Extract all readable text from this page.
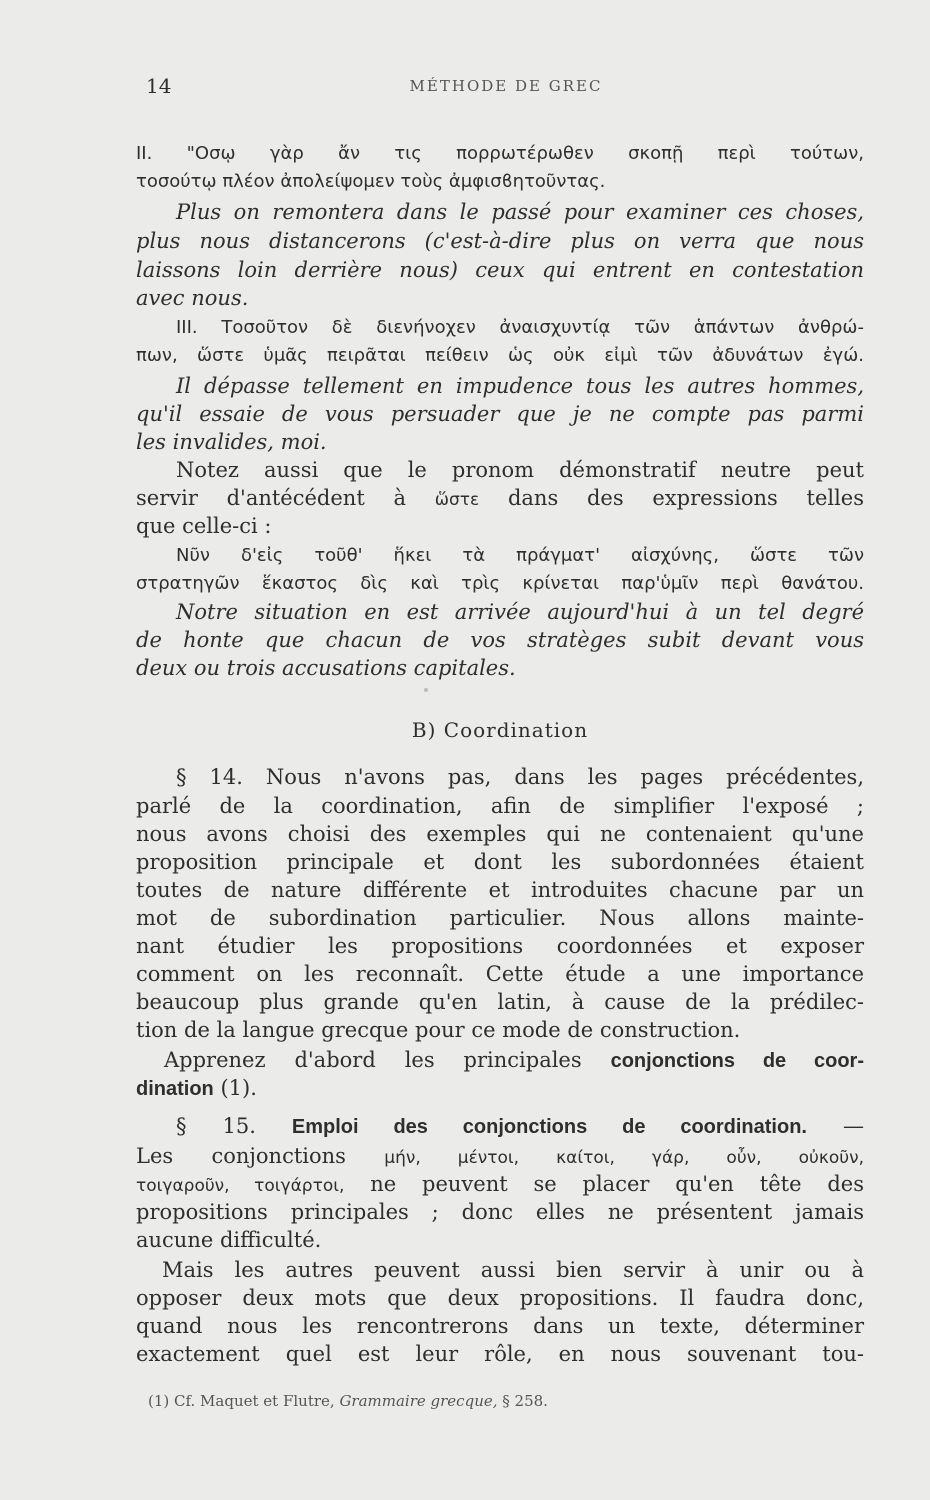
14	MÉTHODE DE GREC
II. "Οσῳ γὰρ ἄν τις πορρωτέρωθεν σκοπῇ περὶ τούτων,
τοσούτῳ πλέον ἀπολείψομεν τοὺς ἀμφισϐητοῦντας.
Plus on remontera dans le passé pour examiner ces choses,
plus nous distancerons (c'est-à-dire plus on verra que nous
laissons loin derrière nous) ceux qui entrent en contestation
avec nous.
III. Τοσοῦτον δὲ διενήνοχεν ἀναισχυντίᾳ τῶν ἁπάντων ἀνθρώ-
πων, ὥστε ὑμᾶς πειρᾶται πείθειν ὡς οὐκ εἰμὶ τῶν ἀδυνάτων ἐγώ.
Il dépasse tellement en impudence tous les autres hommes,
qu'il essaie de vous persuader que je ne compte pas parmi
les invalides, moi.
Notez aussi que le pronom démonstratif neutre peut
servir d'antécédent à ὥστε dans des expressions telles
que celle-ci :
Νῦν δ'εἰς τοῦθ' ἥκει τὰ πράγματ' αἰσχύνης, ὥστε τῶν
στρατηγῶν ἕκαστος δὶς καὶ τρὶς κρίνεται παρ'ὑμῖν περὶ θανάτου.
Notre situation en est arrivée aujourd'hui à un tel degré
de honte que chacun de vos stratèges subit devant vous
deux ou trois accusations capitales.
B) Coordination
§ 14. Nous n'avons pas, dans les pages précédentes,
parlé de la coordination, afin de simplifier l'exposé ;
nous avons choisi des exemples qui ne contenaient qu'une
proposition principale et dont les subordonnées étaient
toutes de nature différente et introduites chacune par un
mot de subordination particulier. Nous allons mainte-
nant étudier les propositions coordonnées et exposer
comment on les reconnaît. Cette étude a une importance
beaucoup plus grande qu'en latin, à cause de la prédilec-
tion de la langue grecque pour ce mode de construction.
Apprenez d'abord les principales conjonctions de coor-
dination (1).
§ 15. Emploi des conjonctions de coordination. —
Les conjonctions μήν, μέντοι, καίτοι, γάρ, οὖν, οὐκοῦν,
τοιγαροῦν, τοιγάρτοι, ne peuvent se placer qu'en tête des
propositions principales ; donc elles ne présentent jamais
aucune difficulté.
Mais les autres peuvent aussi bien servir à unir ou à
opposer deux mots que deux propositions. Il faudra donc,
quand nous les rencontrerons dans un texte, déterminer
exactement quel est leur rôle, en nous souvenant tou-
(1) Cf. Maquet et Flutre, Grammaire grecque, § 258.
